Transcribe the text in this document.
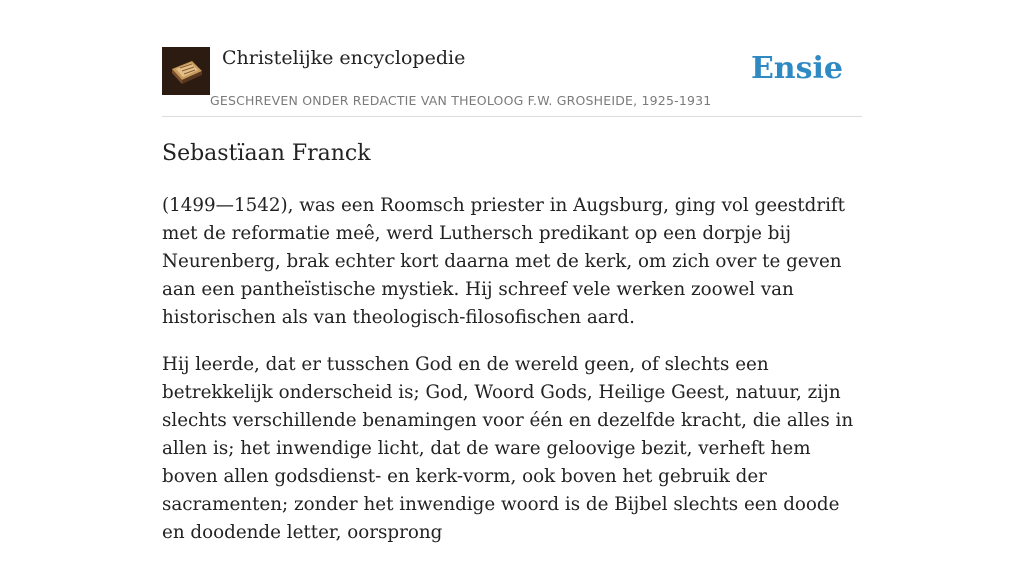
Christelijke encyclopedie
GESCHREVEN ONDER REDACTIE VAN THEOLOOG F.W. GROSHEIDE, 1925-1931
Ensie
Sebastïaan Franck

(1499—1542), was een Roomsch priester in Augsburg, ging vol geestdrift met de reformatie meê, werd Luthersch predikant op een dorpje bij Neurenberg, brak echter kort daarna met de kerk, om zich over te geven aan een pantheïstische mystiek. Hij schreef vele werken zoowel van historischen als van theologisch-filosofischen aard.

Hij leerde, dat er tusschen God en de wereld geen, of slechts een betrekkelijk onderscheid is; God, Woord Gods, Heilige Geest, natuur, zijn slechts verschillende benamingen voor één en dezelfde kracht, die alles in allen is; het inwendige licht, dat de ware geloovige bezit, verheft hem boven allen godsdienst- en kerk-vorm, ook boven het gebruik der sacramenten; zonder het inwendige woord is de Bijbel slechts een doode en doodende letter, oorsprong
